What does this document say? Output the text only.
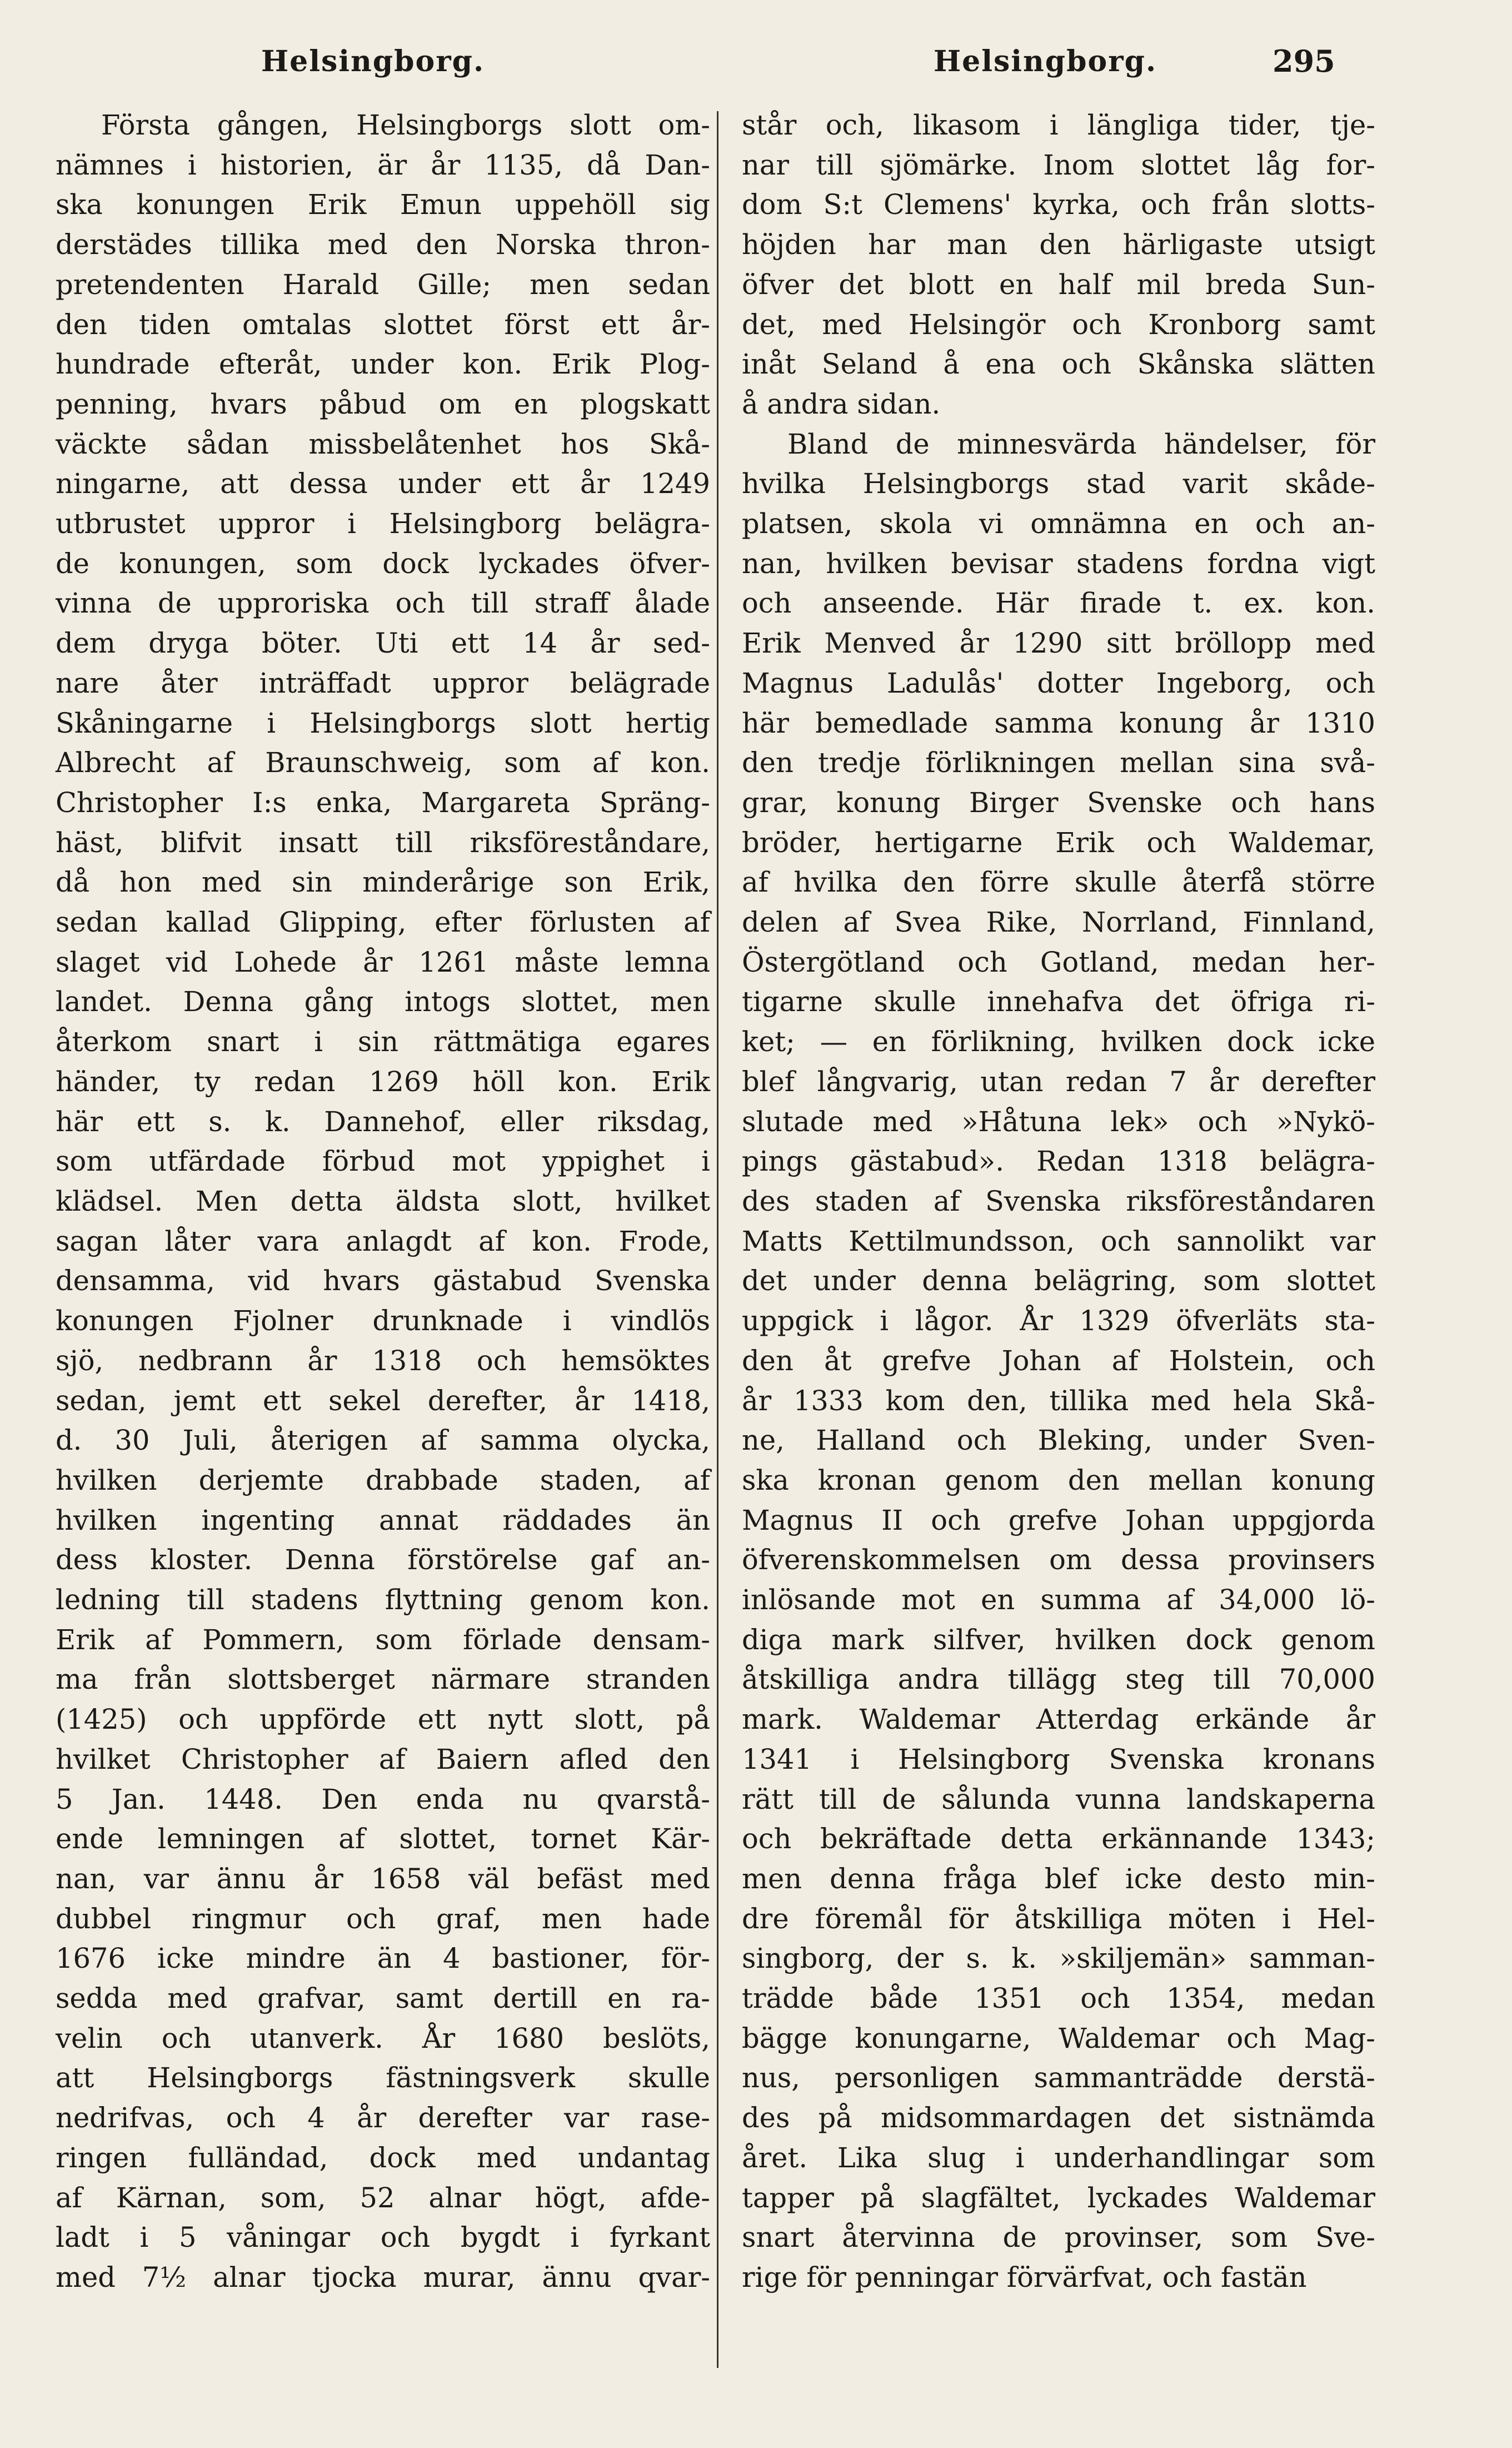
Helsingborg.	Helsingborg.	295
Första gången, Helsingborgs slott om-
nämnes i historien, är år 1135, då Dan-
ska konungen Erik Emun uppehöll sig
derstädes tillika med den Norska thron-
pretendenten Harald Gille; men sedan
den tiden omtalas slottet först ett år-
hundrade efteråt, under kon. Erik Plog-
penning, hvars påbud om en plogskatt
väckte sådan missbelåtenhet hos Skå-
ningarne, att dessa under ett år 1249
utbrustet uppror i Helsingborg belägra-
de konungen, som dock lyckades öfver-
vinna de upproriska och till straff ålade
dem dryga böter. Uti ett 14 år sed-
nare åter inträffadt uppror belägrade
Skåningarne i Helsingborgs slott hertig
Albrecht af Braunschweig, som af kon.
Christopher I:s enka, Margareta Spräng-
häst, blifvit insatt till riksföreståndare,
då hon med sin minderårige son Erik,
sedan kallad Glipping, efter förlusten af
slaget vid Lohede år 1261 måste lemna
landet. Denna gång intogs slottet, men
återkom snart i sin rättmätiga egares
händer, ty redan 1269 höll kon. Erik
här ett s. k. Dannehof, eller riksdag,
som utfärdade förbud mot yppighet i
klädsel. Men detta äldsta slott, hvilket
sagan låter vara anlagdt af kon. Frode,
densamma, vid hvars gästabud Svenska
konungen Fjolner drunknade i vindlös
sjö, nedbrann år 1318 och hemsöktes
sedan, jemt ett sekel derefter, år 1418,
d. 30 Juli, återigen af samma olycka,
hvilken derjemte drabbade staden, af
hvilken ingenting annat räddades än
dess kloster. Denna förstörelse gaf an-
ledning till stadens flyttning genom kon.
Erik af Pommern, som förlade densam-
ma från slottsberget närmare stranden
(1425) och uppförde ett nytt slott, på
hvilket Christopher af Baiern afled den
5 Jan. 1448. Den enda nu qvarstå-
ende lemningen af slottet, tornet Kär-
nan, var ännu år 1658 väl befäst med
dubbel ringmur och graf, men hade
1676 icke mindre än 4 bastioner, för-
sedda med grafvar, samt dertill en ra-
velin och utanverk. År 1680 beslöts,
att Helsingborgs fästningsverk skulle
nedrifvas, och 4 år derefter var rase-
ringen fulländad, dock med undantag
af Kärnan, som, 52 alnar högt, afde-
ladt i 5 våningar och bygdt i fyrkant
med 7½ alnar tjocka murar, ännu qvar-
står och, likasom i längliga tider, tje-
nar till sjömärke. Inom slottet låg for-
dom S:t Clemens' kyrka, och från slotts-
höjden har man den härligaste utsigt
öfver det blott en half mil breda Sun-
det, med Helsingör och Kronborg samt
inåt Seland å ena och Skånska slätten
å andra sidan.
Bland de minnesvärda händelser, för
hvilka Helsingborgs stad varit skåde-
platsen, skola vi omnämna en och an-
nan, hvilken bevisar stadens fordna vigt
och anseende. Här firade t. ex. kon.
Erik Menved år 1290 sitt bröllopp med
Magnus Ladulås' dotter Ingeborg, och
här bemedlade samma konung år 1310
den tredje förlikningen mellan sina svå-
grar, konung Birger Svenske och hans
bröder, hertigarne Erik och Waldemar,
af hvilka den förre skulle återfå större
delen af Svea Rike, Norrland, Finnland,
Östergötland och Gotland, medan her-
tigarne skulle innehafva det öfriga ri-
ket; — en förlikning, hvilken dock icke
blef långvarig, utan redan 7 år derefter
slutade med »Håtuna lek» och »Nykö-
pings gästabud». Redan 1318 belägra-
des staden af Svenska riksföreståndaren
Matts Kettilmundsson, och sannolikt var
det under denna belägring, som slottet
uppgick i lågor. År 1329 öfverläts sta-
den åt grefve Johan af Holstein, och
år 1333 kom den, tillika med hela Skå-
ne, Halland och Bleking, under Sven-
ska kronan genom den mellan konung
Magnus II och grefve Johan uppgjorda
öfverenskommelsen om dessa provinsers
inlösande mot en summa af 34,000 lö-
diga mark silfver, hvilken dock genom
åtskilliga andra tillägg steg till 70,000
mark. Waldemar Atterdag erkände år
1341 i Helsingborg Svenska kronans
rätt till de sålunda vunna landskaperna
och bekräftade detta erkännande 1343;
men denna fråga blef icke desto min-
dre föremål för åtskilliga möten i Hel-
singborg, der s. k. »skiljemän» samman-
trädde både 1351 och 1354, medan
bägge konungarne, Waldemar och Mag-
nus, personligen sammanträdde derstä-
des på midsommardagen det sistnämda
året. Lika slug i underhandlingar som
tapper på slagfältet, lyckades Waldemar
snart återvinna de provinser, som Sve-
rige för penningar förvärfvat, och fastän
